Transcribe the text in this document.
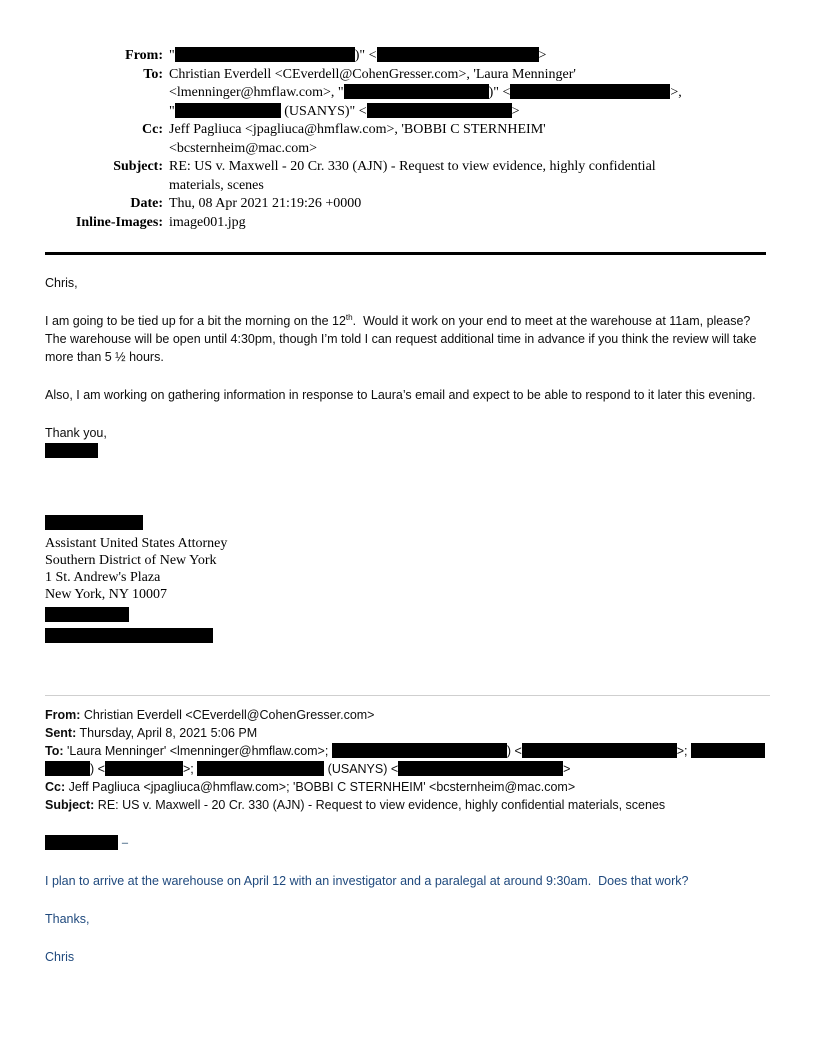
From: "	)" <	>
To: Christian Everdell <CEverdell@CohenGresser.com>, 'Laura Menninger'
<lmenninger@hmflaw.com>, "	)" <	>,
"	(USANYS)" <	>
Cc: Jeff Pagliuca <jpagliuca@hmflaw.com>, 'BOBBI C STERNHEIM'
<bcsternheim@mac.com>
Subject: RE: US v. Maxwell - 20 Cr. 330 (AJN) - Request to view evidence, highly confidential
materials, scenes
Date: Thu, 08 Apr 2021 21:19:26 +0000
Inline-Images: image001.jpg

Chris,

I am going to be tied up for a bit the morning on the 12th.  Would it work on your end to meet at the warehouse at 11am, please?  The warehouse will be open until 4:30pm, though I’m told I can request additional time in advance if you think the review will take more than 5 ½ hours.

Also, I am working on gathering information in response to Laura’s email and expect to be able to respond to it later this evening.

Thank you,

Assistant United States Attorney
Southern District of New York
1 St. Andrew's Plaza
New York, NY 10007
From: Christian Everdell <CEverdell@CohenGresser.com>
Sent: Thursday, April 8, 2021 5:06 PM
To: 'Laura Menninger' <lmenninger@hmflaw.com>;	) <	>;
) <	>;	(USANYS) <	>
Cc: Jeff Pagliuca <jpagliuca@hmflaw.com>; 'BOBBI C STERNHEIM' <bcsternheim@mac.com>
Subject: RE: US v. Maxwell - 20 Cr. 330 (AJN) - Request to view evidence, highly confidential materials, scenes
–

I plan to arrive at the warehouse on April 12 with an investigator and a paralegal at around 9:30am.  Does that work?

Thanks,

Chris
